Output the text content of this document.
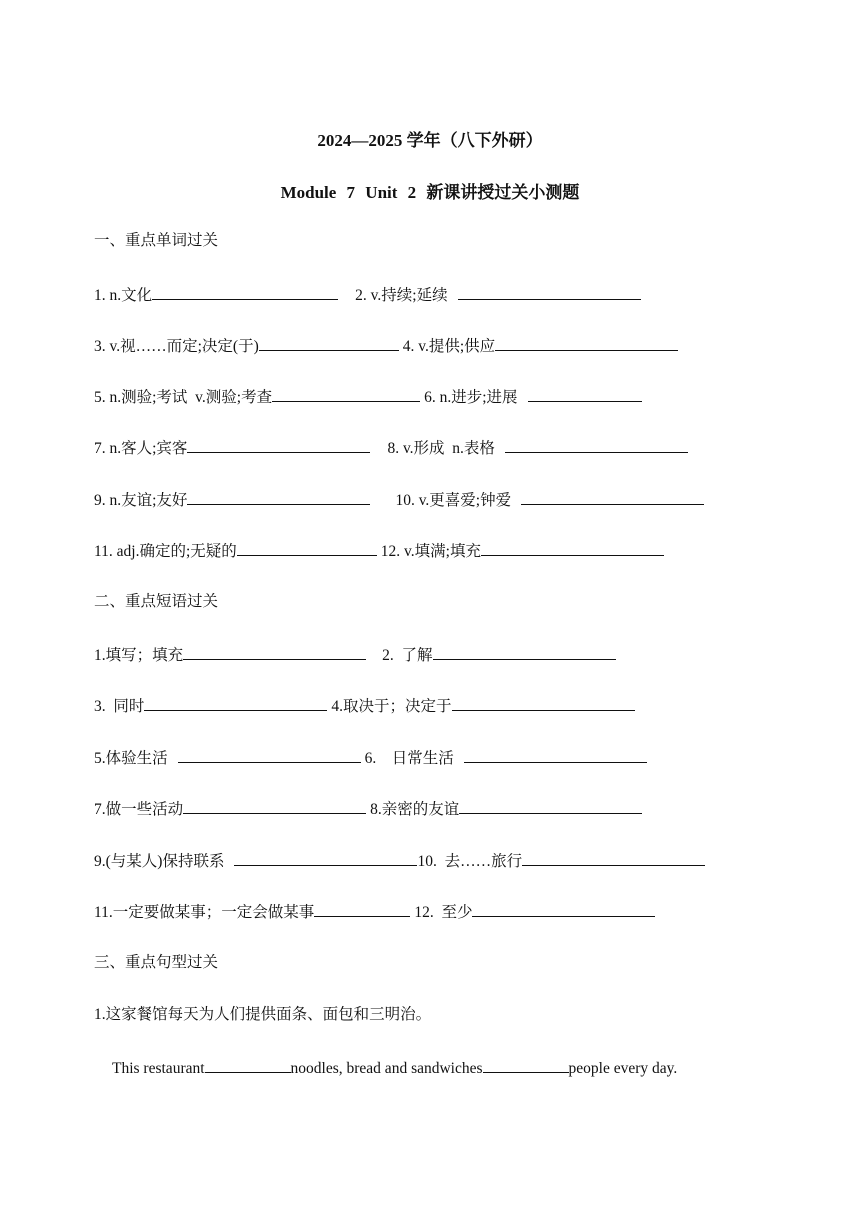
2024—2025 学年（八下外研）
Module 7 Unit 2 新课讲授过关小测题
一、重点单词过关
1. n.文化	2. v.持续;延续
3. v.视……而定;决定(于)	4. v.提供;供应
5. n.测验;考试  v.测验;考查	6. n.进步;进展
7. n.客人;宾客	8. v.形成  n.表格
9. n.友谊;友好	10. v.更喜爱;钟爱
11. adj.确定的;无疑的	12. v.填满;填充
二、重点短语过关
1.填写；填充	2.  了解
3.  同时	4.取决于；决定于
5.体验生活	6.    日常生活
7.做一些活动	8.亲密的友谊
9.(与某人)保持联系	10.  去……旅行
11.一定要做某事；一定会做某事	12.  至少
三、重点句型过关
1.这家餐馆每天为人们提供面条、面包和三明治。
This restaurant	noodles, bread and sandwiches	people every day.
